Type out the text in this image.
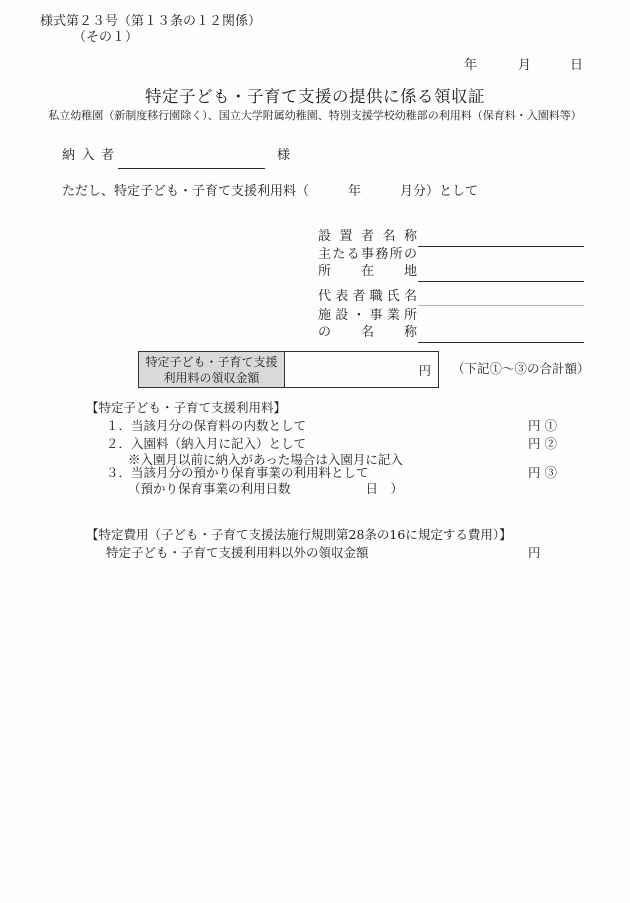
様式第２３号（第１３条の１２関係）
（その１）
年	月	日
特定子ども・子育て支援の提供に係る領収証
私立幼稚園（新制度移行園除く）、国立大学附属幼稚園、特別支援学校幼稚部の利用料（保育料・入園料等）
納入者	様
ただし、特定子ども・子育て支援利用料（　　　年　　　月分）として
設置者名称
主たる事務所の
所在地
代表者職氏名
施設・事業所
の名称
特定子ども・子育て支援
利用料の領収金額	円 （下記①～③の合計額）
【特定子ども・子育て支援利用料】
１．当該月分の保育料の内数として	円 ①
２．入園料（納入月に記入）として	円 ②
※入園月以前に納入があった場合は入園月に記入
３．当該月分の預かり保育事業の利用料として	円 ③
（預かり保育事業の利用日数　　　　　　日　）
【特定費用（子ども・子育て支援法施行規則第28条の16に規定する費用）】
特定子ども・子育て支援利用料以外の領収金額	円
